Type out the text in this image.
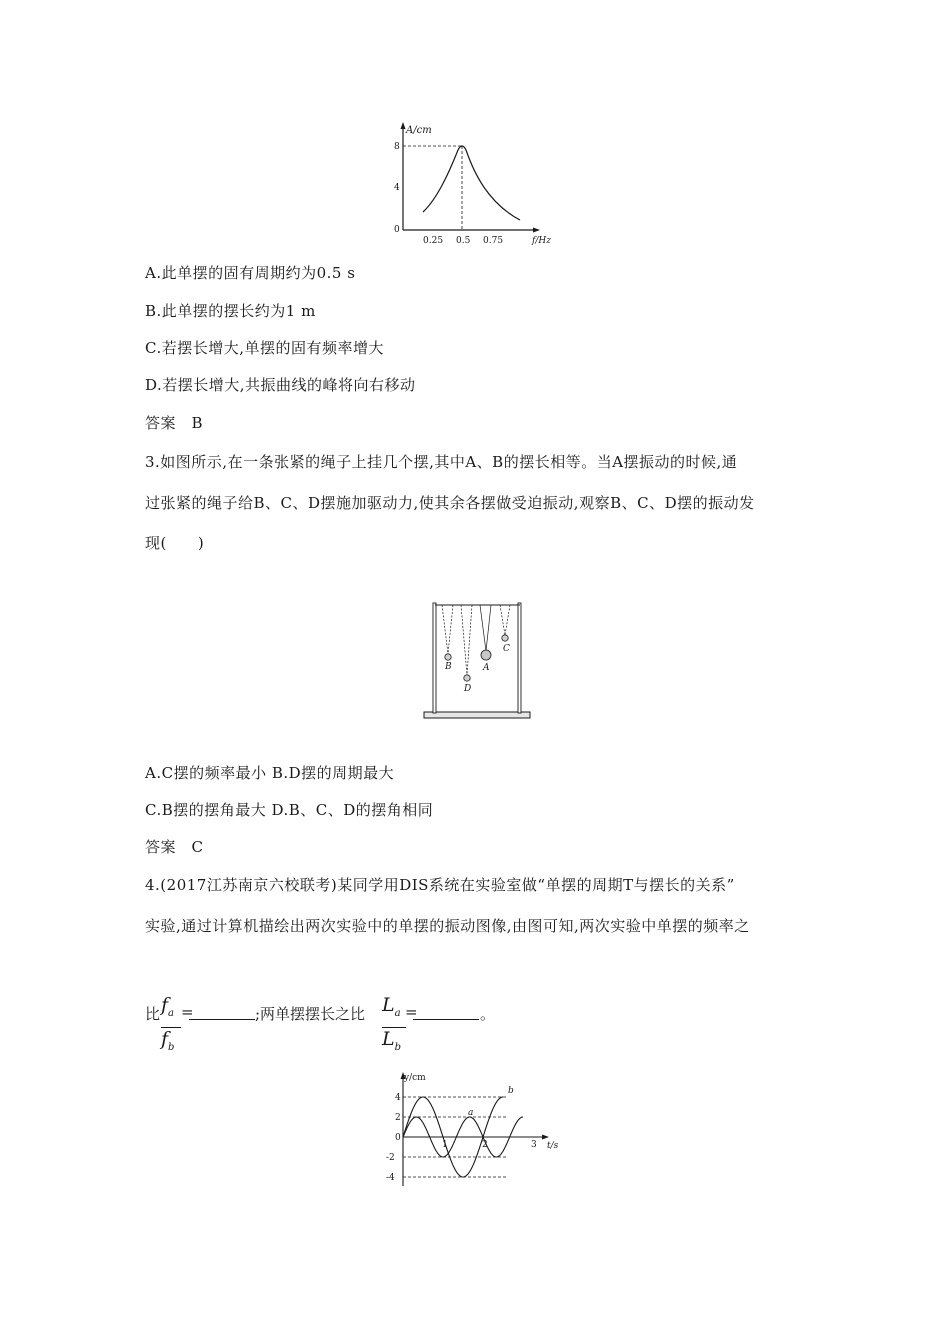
A/cm
8
4
0
0.25 0.5 0.75	f/Hz
A.此单摆的固有周期约为0.5 s
B.此单摆的摆长约为1 m
C.若摆长增大,单摆的固有频率增大
D.若摆长增大,共振曲线的峰将向右移动
答案　B
3.如图所示,在一条张紧的绳子上挂几个摆,其中A、B的摆长相等。当A摆振动的时候,通
过张紧的绳子给B、C、D摆施加驱动力,使其余各摆做受迫振动,观察B、C、D摆的振动发
现(　　)
B
D
A
C
A.C摆的频率最小 B.D摆的周期最大
C.B摆的摆角最大 D.B、C、D的摆角相同
答案　C
4.(2017江苏南京六校联考)某同学用DIS系统在实验室做“单摆的周期T与摆长的关系”
实验,通过计算机描绘出两次实验中的单摆的振动图像,由图可知,两次实验中单摆的频率之
比 $f_a$
$f_b$
=	;两单摆摆长之比 $L_a$
$L_b$
=	。
y/cm
4
2
0
-2
-4
1	2	3 t/s
a
b
